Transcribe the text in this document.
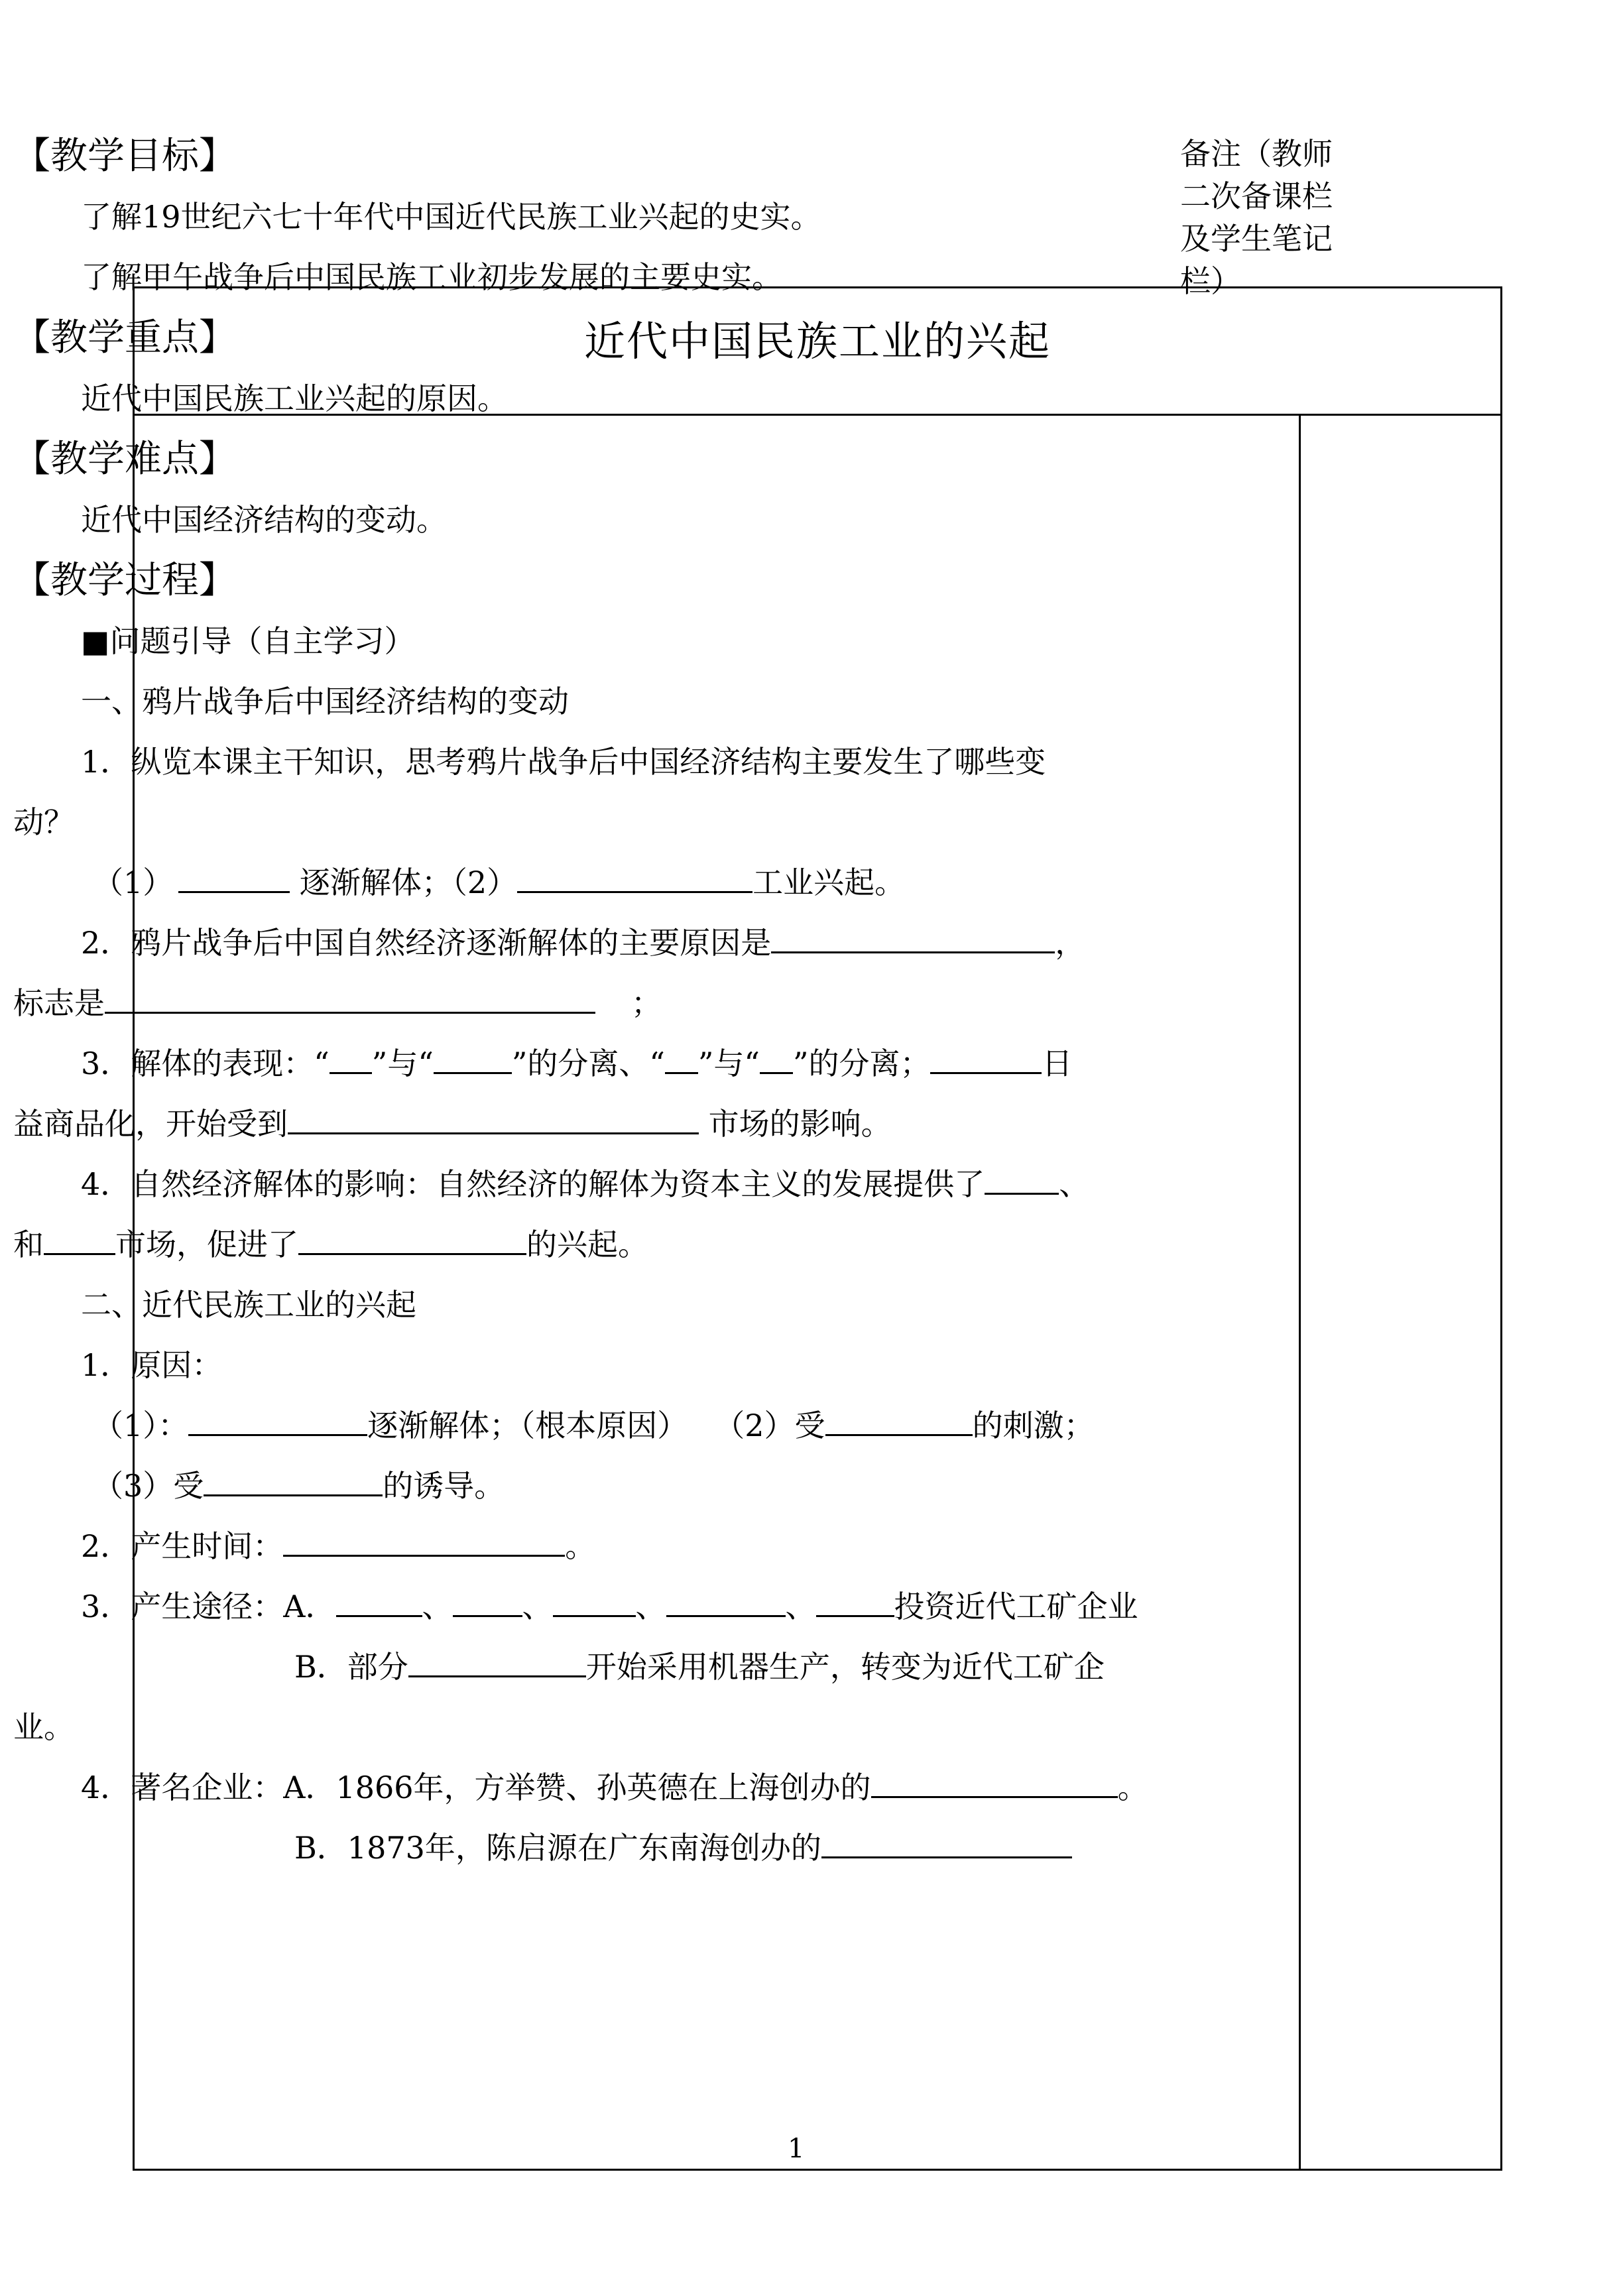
近代中国民族工业的兴起
备注（教师二次备课栏及学生笔记栏）
【教学目标】
了解19世纪六七十年代中国近代民族工业兴起的史实。
了解甲午战争后中国民族工业初步发展的主要史实。
【教学重点】
近代中国民族工业兴起的原因。
【教学难点】
近代中国经济结构的变动。
【教学过程】
■问题引导（自主学习）
一、鸦片战争后中国经济结构的变动
1．纵览本课主干知识，思考鸦片战争后中国经济结构主要发生了哪些变
动？
（1）	逐渐解体；（2）	工业兴起。
2．鸦片战争后中国自然经济逐渐解体的主要原因是	，
标志是	；
3．解体的表现：“ ”与“	”的分离、“ ”与“ ”的分离；	日
益商品化，开始受到	市场的影响。
4．自然经济解体的影响：自然经济的解体为资本主义的发展提供了 、
和 市场，促进了	的兴起。
二、近代民族工业的兴起
1．原因：
（1）：	逐渐解体；（根本原因） （2）受	的刺激；
（3）受	的诱导。
2．产生时间：	。
3．产生途径：A．	、 、	、	、	投资近代工矿企业
B．部分	开始采用机器生产，转变为近代工矿企
业。
4．著名企业：A．1866年，方举赞、孙英德在上海创办的	。
B．1873年，陈启源在广东南海创办的
1
